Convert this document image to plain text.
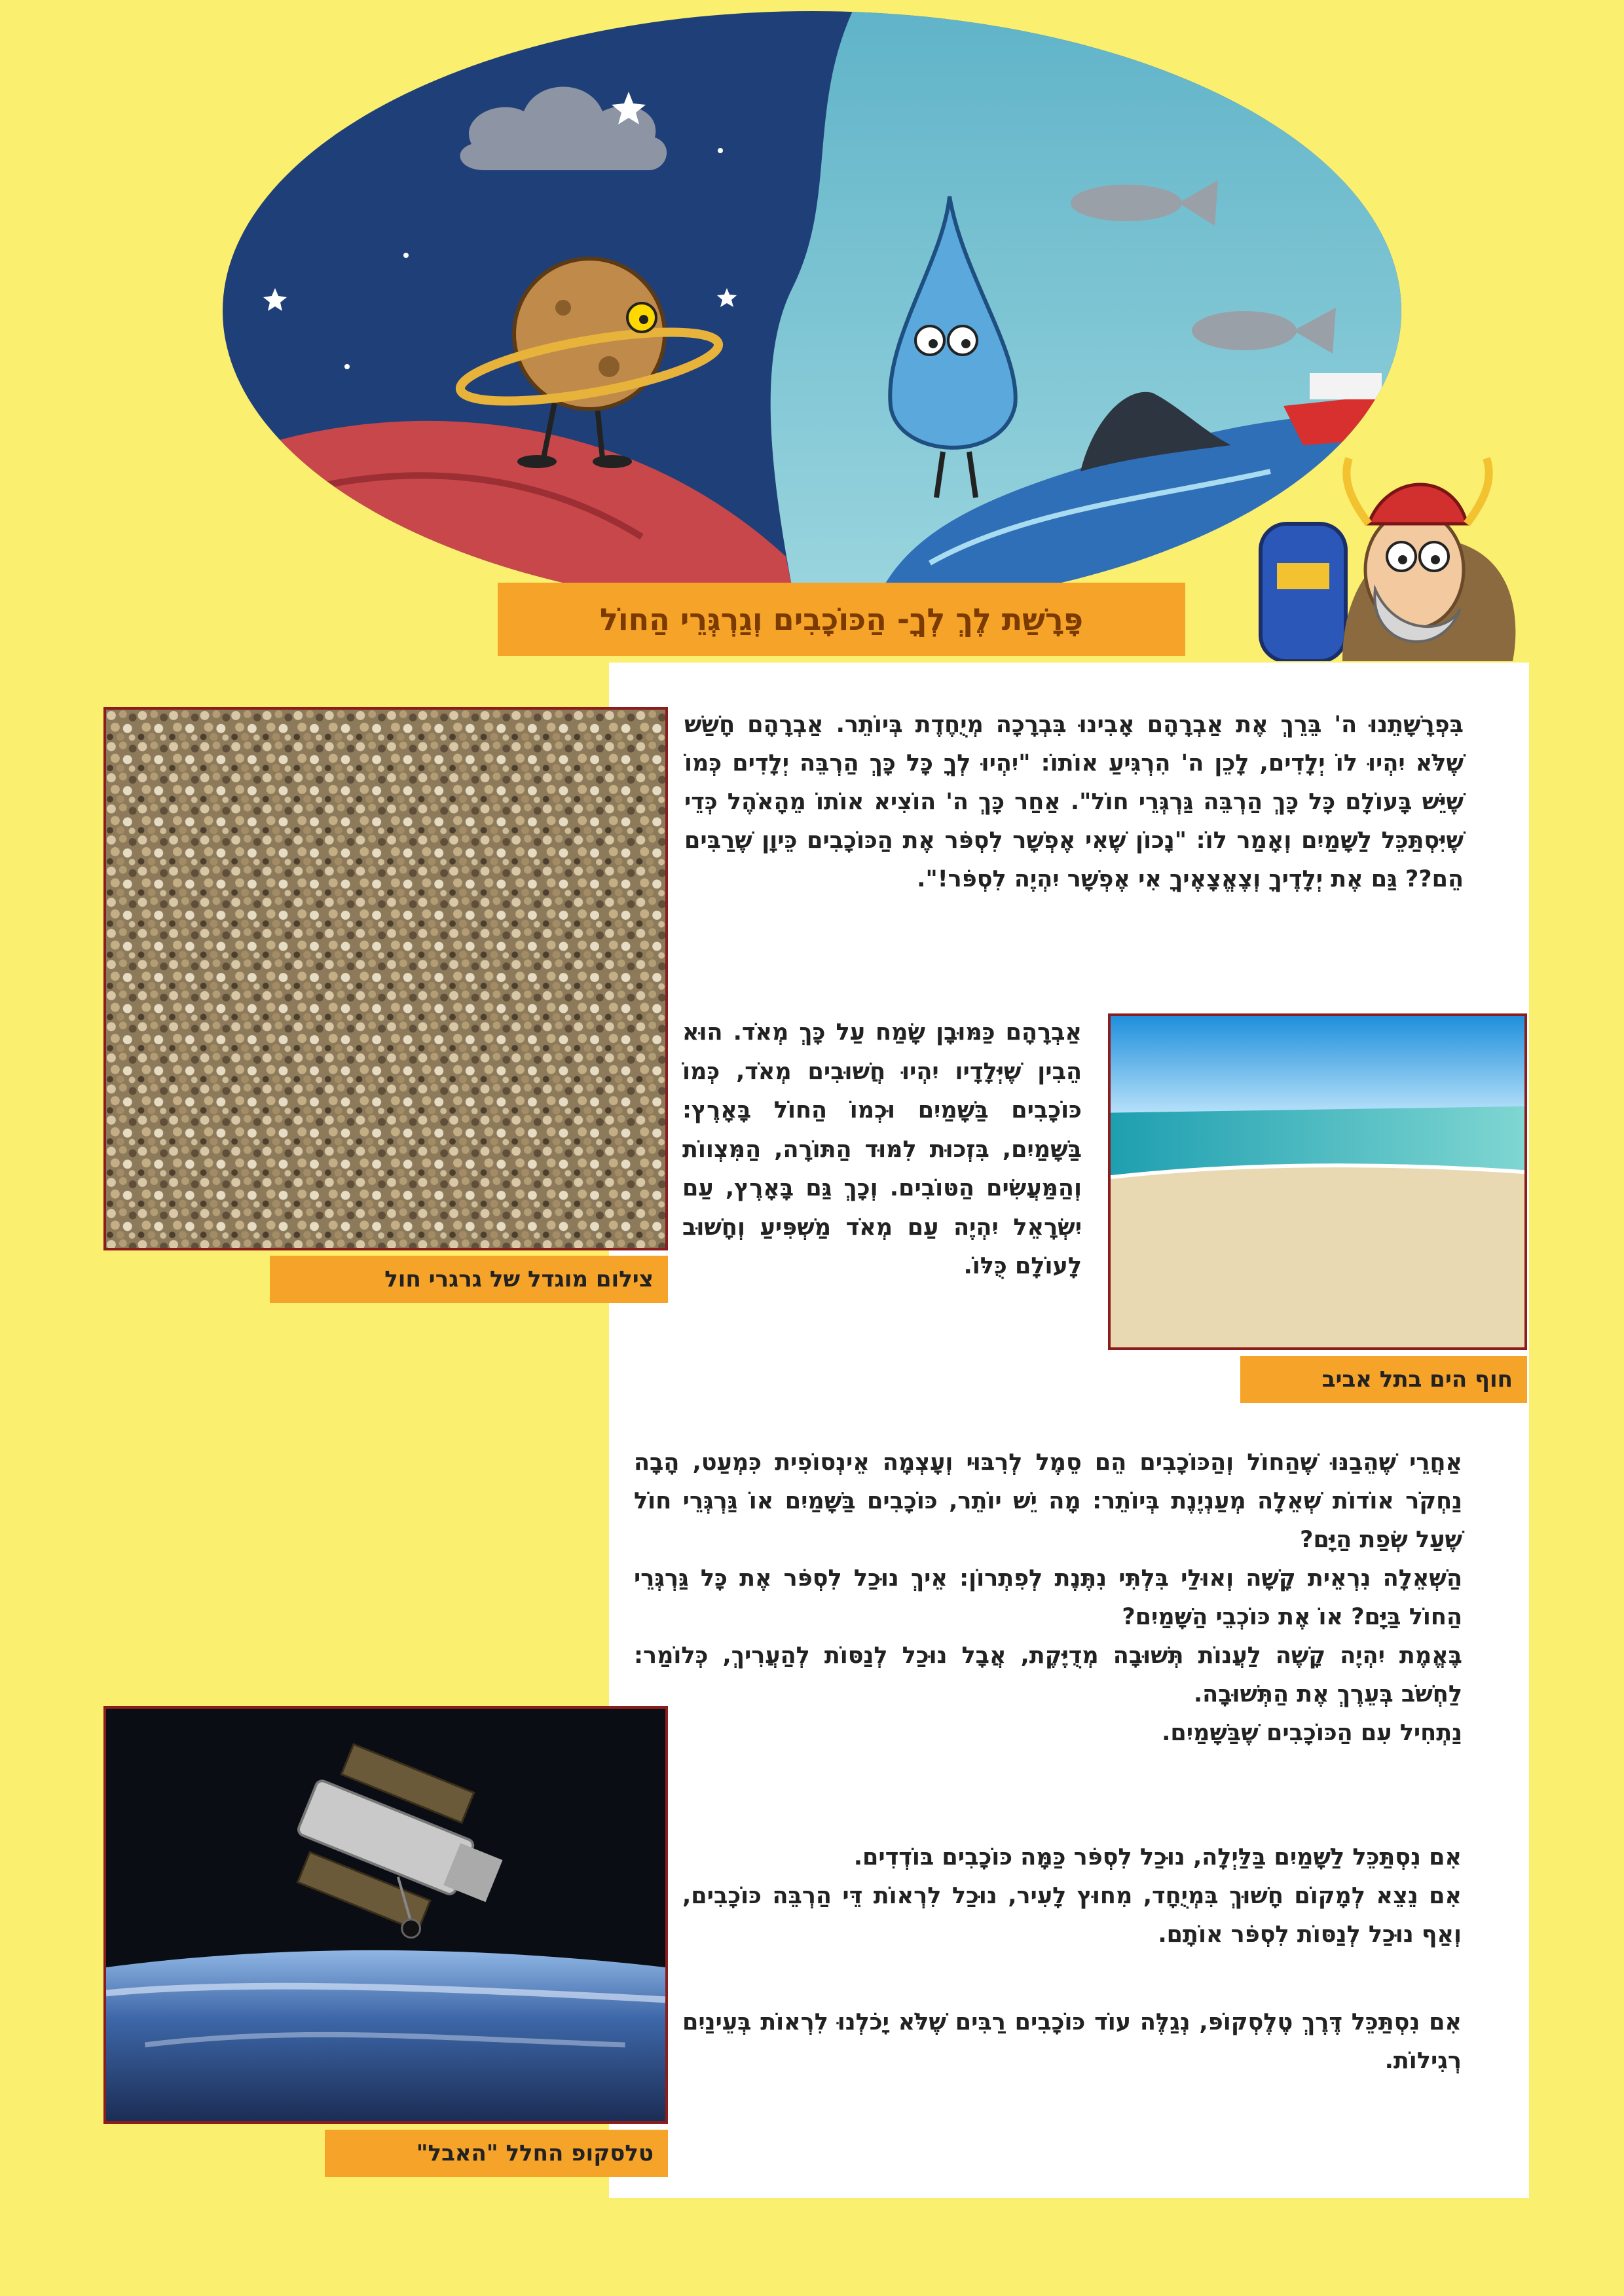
פָּרָשַׁת לֶךְ לְךָ- הַכּוֹכָבִים וְגַרְגְּרֵי הַחוֹל

בִּפְרָשָׁתֵנוּ ה' בֵּרֵךְ אֶת אַבְרָהָם אָבִינוּ בִּבְרָכָה מְיֻחֶדֶת בְּיוֹתֵר. אַבְרָהָם חָשַׁשׁ שֶׁלֹּא יִהְיוּ לוֹ יְלָדִים, לָכֵן ה' הִרְגִּיעַ אוֹתוֹ: "יִהְיוּ לְךָ כָּל כָּךְ הַרְבֵּה יְלָדִים כְּמוֹ שֶׁיֵּשׁ בָּעוֹלָם כָּל כָּךְ הַרְבֵּה גַּרְגְּרֵי חוֹל". אַחַר כָּךְ ה' הוֹצִיא אוֹתוֹ מֵהָאֹהֶל כְּדֵי שֶׁיִּסְתַּכֵּל לַשָּׁמַיִם וְאָמַר לוֹ: "נָכוֹן שֶׁאִי אֶפְשָׁר לִסְפֹּר אֶת הַכּוֹכָבִים כֵּיוָן שֶׁרַבִּים הֵם?? גַּם אֶת יְלָדֶיךָ וְצֶאֱצָאֶיךָ אִי אֶפְשָׁר יִהְיֶה לִסְפֹּר!".

צילום מוגדל של גרגרי חול
חוף הים בתל אביב

אַבְרָהָם כַּמּוּבָן שָׂמַח עַל כָּךְ מְאֹד. הוּא הֵבִין שֶׁיְּלָדָיו יִהְיוּ חֲשׁוּבִים מְאֹד, כְּמוֹ כּוֹכָבִים בַּשָּׁמַיִם וּכְמוֹ הַחוֹל בָּאָרֶץ: בַּשָּׁמַיִם, בִּזְכוּת לִמּוּד הַתּוֹרָה, הַמִּצְווֹת וְהַמַּעֲשִׂים הַטּוֹבִים. וְכָךְ גַּם בָּאָרֶץ, עַם יִשְׂרָאֵל יִהְיֶה עַם מְאֹד מַשְׁפִּיעַ וְחָשׁוּב לָעוֹלָם כֻּלּוֹ.

אַחֲרֵי שֶׁהֵבַנּוּ שֶׁהַחוֹל וְהַכּוֹכָבִים הֵם סֵמֶל לְרִבּוּי וְעָצְמָה אֵינְסוֹפִית כִּמְעַט, הָבָה נַחְקֹר אוֹדוֹת שְׁאֵלָה מְעַנְיֶנֶת בְּיוֹתֵר: מָה יֵשׁ יוֹתֵר, כּוֹכָבִים בַּשָּׁמַיִם אוֹ גַּרְגְּרֵי חוֹל שֶׁעַל שְׂפַת הַיָּם?

הַשְּׁאֵלָה נִרְאֵית קָשָׁה וְאוּלַי בִּלְתִּי נִתֶּנֶת לְפִתְרוֹן: אֵיךְ נוּכַל לִסְפֹּר אֶת כָּל גַּרְגְּרֵי הַחוֹל בַּיָּם? אוֹ אֶת כּוֹכְבֵי הַשָּׁמַיִם?

בֶּאֱמֶת יִהְיֶה קָשֶׁה לַעֲנוֹת תְּשׁוּבָה מְדֻיֶּקֶת, אֲבָל נוּכַל לְנַסּוֹת לְהַעֲרִיךְ, כְּלוֹמַר: לַחְשֹׁב בְּעֵרֶךְ אֶת הַתְּשׁוּבָה.

נַתְחִיל עִם הַכּוֹכָבִים שֶׁבַּשָּׁמַיִם.

אִם נִסְתַּכֵּל לַשָּׁמַיִם בַּלַּיְלָה, נוּכַל לִסְפֹּר כַּמָּה כּוֹכָבִים בּוֹדְדִים.

אִם נֵצֵא לְמָקוֹם חָשׁוּךְ בִּמְיֻחָד, מִחוּץ לָעִיר, נוּכַל לִרְאוֹת דֵּי הַרְבֵּה כּוֹכָבִים, וְאַף נוּכַל לְנַסּוֹת לִסְפֹּר אוֹתָם.

אִם נִסְתַּכֵּל דֶּרֶךְ טֶלֶסְקוֹפּ, נְגַלֶּה עוֹד כּוֹכָבִים רַבִּים שֶׁלֹּא יָכֹלְנוּ לִרְאוֹת בְּעֵינַיִם רְגִילוֹת.

טלסקופ החלל "האבל"
